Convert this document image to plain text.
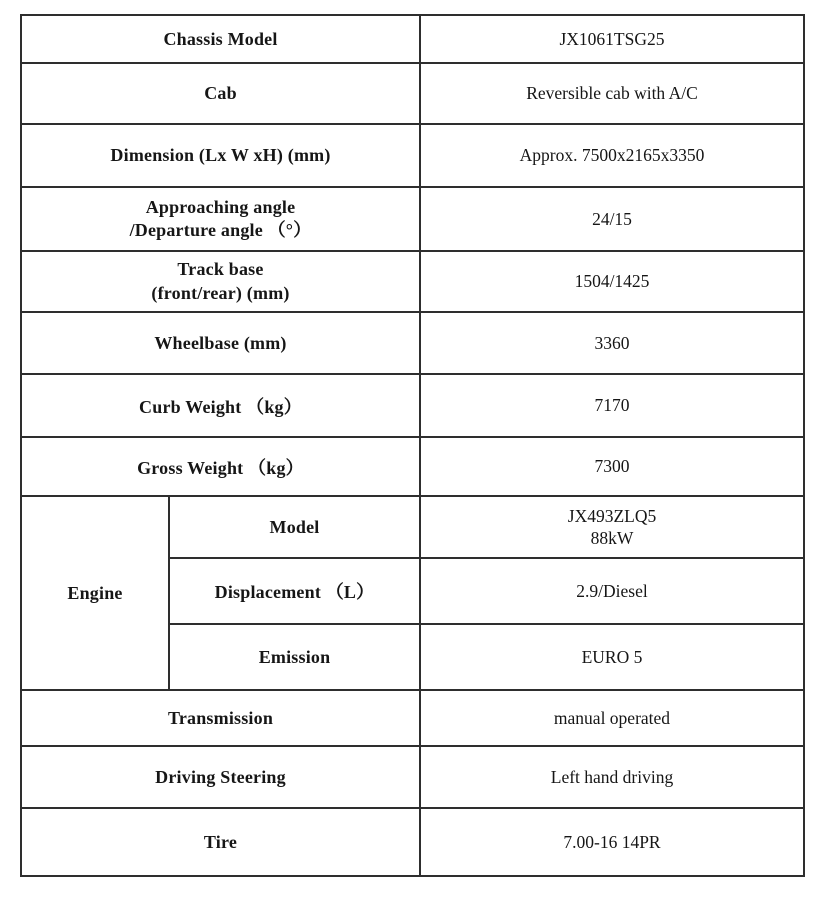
Chassis Model		JX1061TSG25
Cab		Reversible cab with A/C
Dimension (Lx W xH) (mm)		Approx. 7500x2165x3350

Approaching angle
/Departure angle （°）		24/15

Track base
(front/rear) (mm)		1504/1425
Wheelbase (mm)		3360
Curb Weight （kg）		7170
Gross Weight （kg）		7300
Engine	Model	JX493ZLQ5
88kW

	Displacement （L）	2.9/Diesel
	Emission	EURO 5
Transmission		manual operated
Driving Steering		Left hand driving
Tire		7.00-16 14PR
